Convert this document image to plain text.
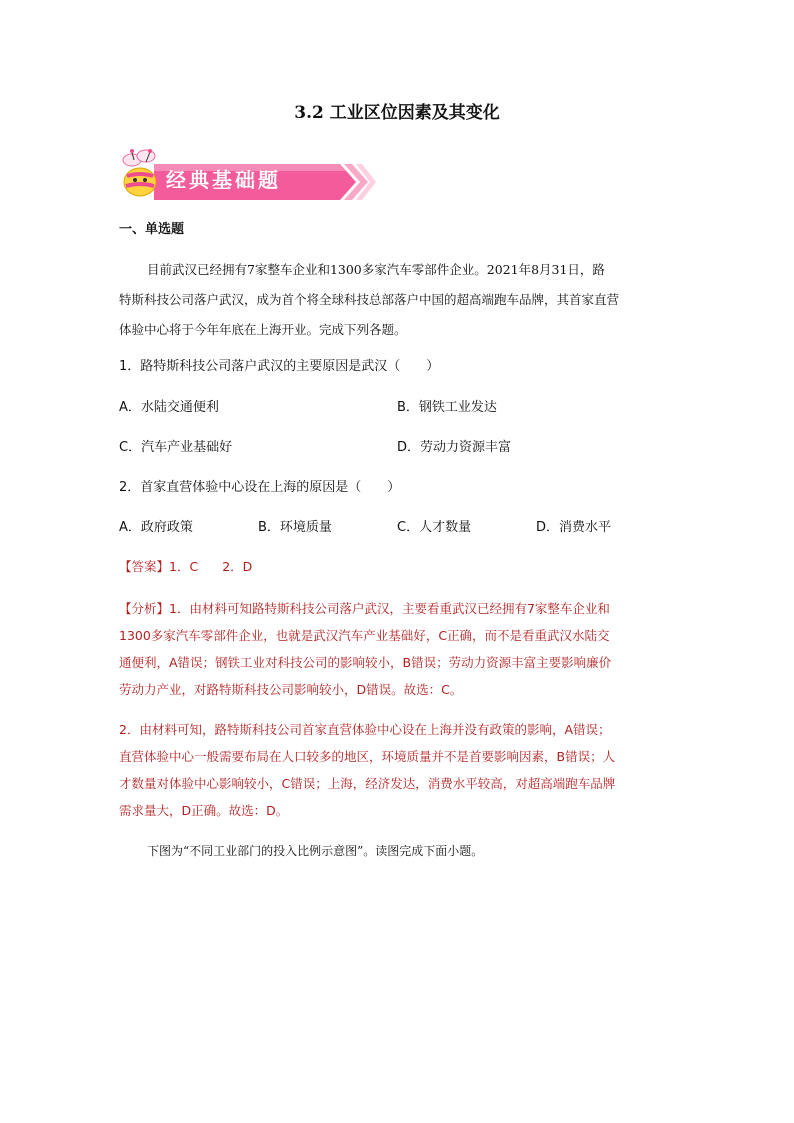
3.2 工业区位因素及其变化
经典基础题
一、单选题
目前武汉已经拥有7家整车企业和1300多家汽车零部件企业。2021年8月31日，路
特斯科技公司落户武汉，成为首个将全球科技总部落户中国的超高端跑车品牌，其首家直营
体验中心将于今年年底在上海开业。完成下列各题。
1．路特斯科技公司落户武汉的主要原因是武汉（　　）
A．水陆交通便利	B．钢铁工业发达
C．汽车产业基础好	D．劳动力资源丰富
2．首家直营体验中心设在上海的原因是（　　）
A．政府政策	B．环境质量	C．人才数量	D．消费水平
【答案】1．C 2．D
【分析】1．由材料可知路特斯科技公司落户武汉，主要看重武汉已经拥有7家整车企业和
1300多家汽车零部件企业，也就是武汉汽车产业基础好，C正确，而不是看重武汉水陆交
通便利，A错误；钢铁工业对科技公司的影响较小，B错误；劳动力资源丰富主要影响廉价
劳动力产业，对路特斯科技公司影响较小，D错误。故选：C。
2．由材料可知，路特斯科技公司首家直营体验中心设在上海并没有政策的影响，A错误；
直营体验中心一般需要布局在人口较多的地区，环境质量并不是首要影响因素，B错误；人
才数量对体验中心影响较小，C错误；上海，经济发达，消费水平较高，对超高端跑车品牌
需求量大，D正确。故选：D。
下图为“不同工业部门的投入比例示意图”。读图完成下面小题。
